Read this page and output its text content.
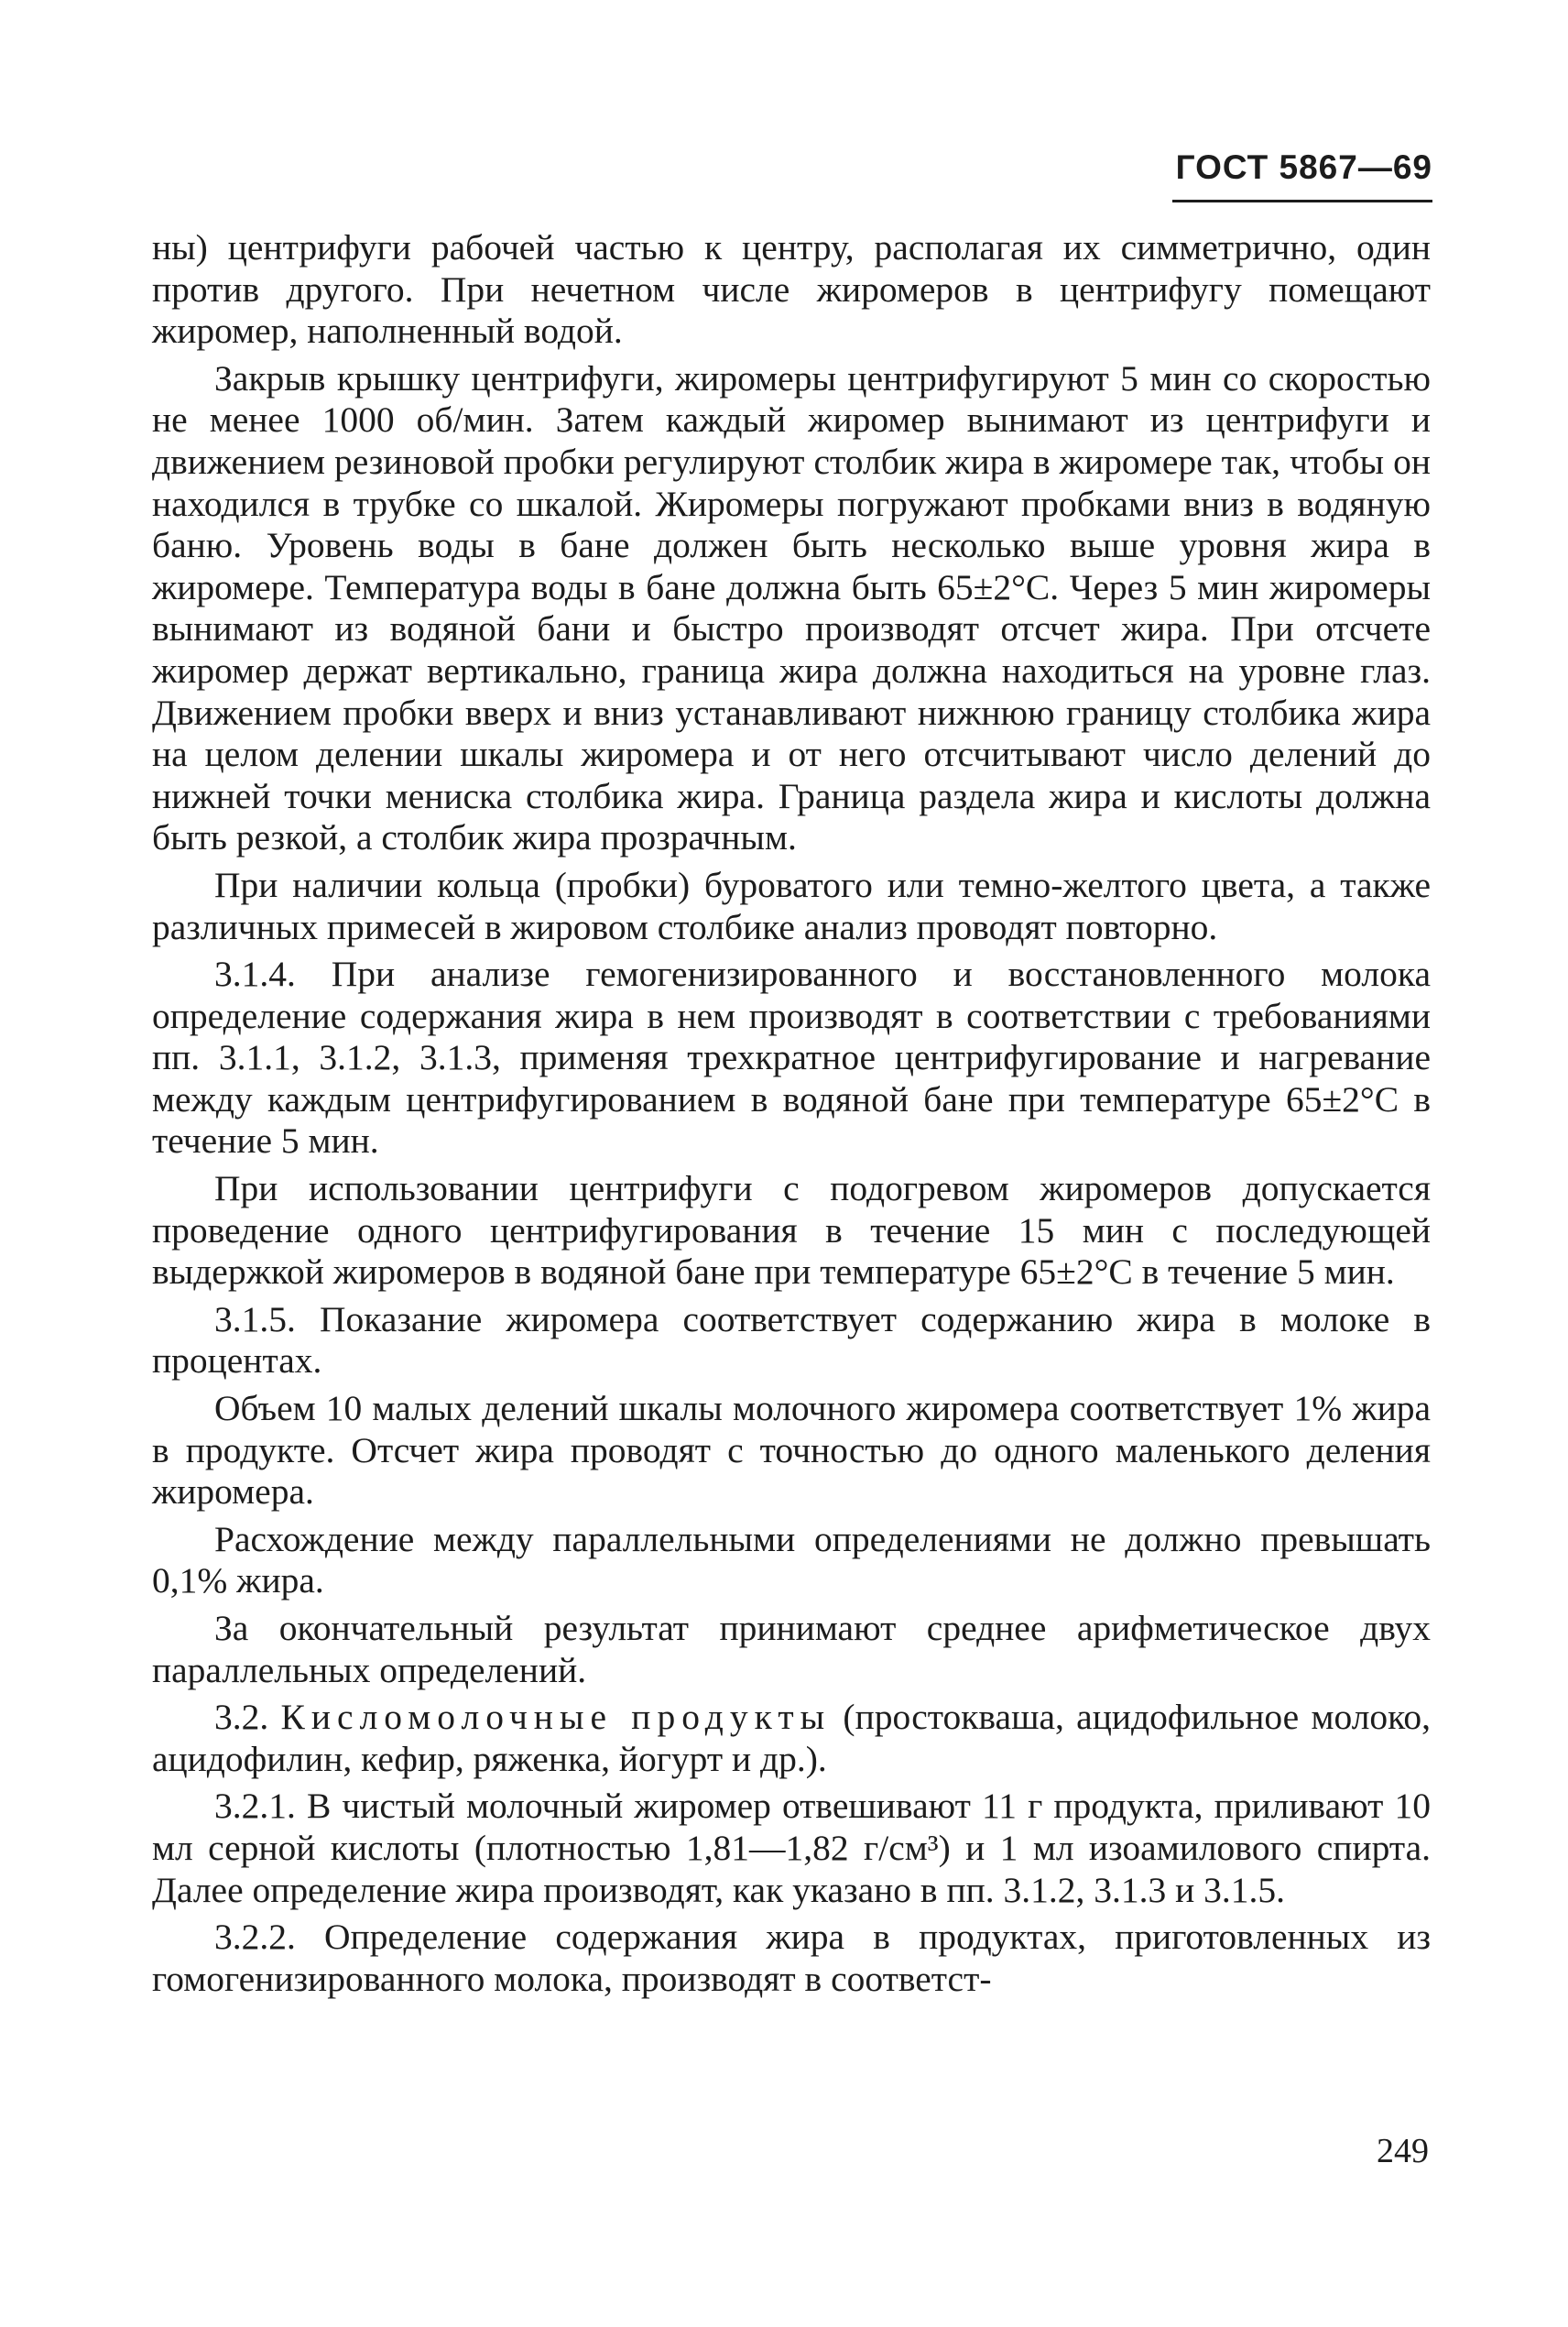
ГОСТ 5867—69

ны) центрифуги рабочей частью к центру, располагая их симметрично, один против другого. При нечетном числе жиромеров в центрифугу помещают жиромер, наполненный водой.

Закрыв крышку центрифуги, жиромеры центрифугируют 5 мин со скоростью не менее 1000 об/мин. Затем каждый жиромер вынимают из центрифуги и движением резиновой пробки регулируют столбик жира в жиромере так, чтобы он находился в трубке со шкалой. Жиромеры погружают пробками вниз в водяную баню. Уровень воды в бане должен быть несколько выше уровня жира в жиромере. Температура воды в бане должна быть 65±2°С. Через 5 мин жиромеры вынимают из водяной бани и быстро производят отсчет жира. При отсчете жиромер держат вертикально, граница жира должна находиться на уровне глаз. Движением пробки вверх и вниз устанавливают нижнюю границу столбика жира на целом делении шкалы жиромера и от него отсчитывают число делений до нижней точки мениска столбика жира. Граница раздела жира и кислоты должна быть резкой, а столбик жира прозрачным.

При наличии кольца (пробки) буроватого или темно-желтого цвета, а также различных примесей в жировом столбике анализ проводят повторно.

3.1.4. При анализе гемогенизированного и восстановленного молока определение содержания жира в нем производят в соответствии с требованиями пп. 3.1.1, 3.1.2, 3.1.3, применяя трехкратное центрифугирование и нагревание между каждым центрифугированием в водяной бане при температуре 65±2°С в течение 5 мин.

При использовании центрифуги с подогревом жиромеров допускается проведение одного центрифугирования в течение 15 мин с последующей выдержкой жиромеров в водяной бане при температуре 65±2°С в течение 5 мин.

3.1.5. Показание жиромера соответствует содержанию жира в молоке в процентах.

Объем 10 малых делений шкалы молочного жиромера соответствует 1% жира в продукте. Отсчет жира проводят с точностью до одного маленького деления жиромера.

Расхождение между параллельными определениями не должно превышать 0,1% жира.

За окончательный результат принимают среднее арифметическое двух параллельных определений.

3.2. Кисломолочные продукты (простокваша, ацидофильное молоко, ацидофилин, кефир, ряженка, йогурт и др.).

3.2.1. В чистый молочный жиромер отвешивают 11 г продукта, приливают 10 мл серной кислоты (плотностью 1,81—1,82 г/см³) и 1 мл изоамилового спирта. Далее определение жира производят, как указано в пп. 3.1.2, 3.1.3 и 3.1.5.

3.2.2. Определение содержания жира в продуктах, приготовленных из гомогенизированного молока, производят в соответст-

249
